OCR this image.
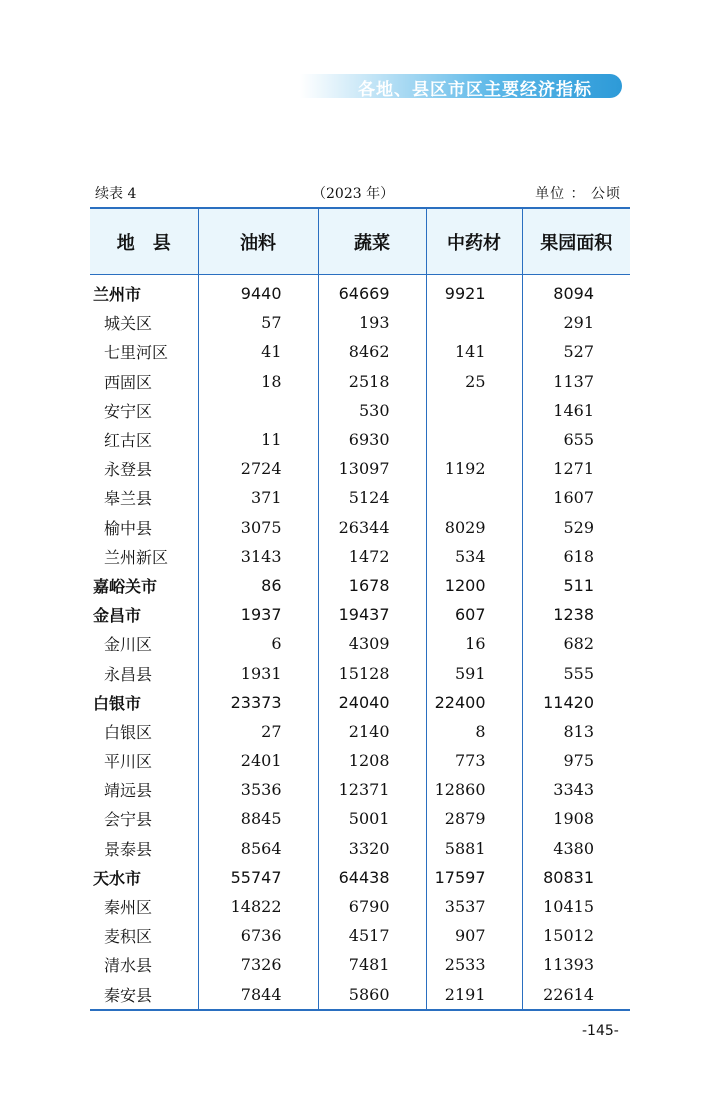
各地、县区市区主要经济指标
续表 4	（2023 年）	单位 ： 公顷
地　县	油料	蔬菜	中药材	果园面积
兰州市	9440	64669	9921	8094
城关区	57	193		291
七里河区	41	8462	141	527
西固区	18	2518	25	1137
安宁区		530		1461
红古区	11	6930		655
永登县	2724	13097	1192	1271
皋兰县	371	5124		1607
榆中县	3075	26344	8029	529
兰州新区	3143	1472	534	618
嘉峪关市	86	1678	1200	511
金昌市	1937	19437	607	1238
金川区	6	4309	16	682
永昌县	1931	15128	591	555
白银市	23373	24040	22400	11420
白银区	27	2140	8	813
平川区	2401	1208	773	975
靖远县	3536	12371	12860	3343
会宁县	8845	5001	2879	1908
景泰县	8564	3320	5881	4380
天水市	55747	64438	17597	80831
秦州区	14822	6790	3537	10415
麦积区	6736	4517	907	15012
清水县	7326	7481	2533	11393
秦安县	7844	5860	2191	22614
-145-
